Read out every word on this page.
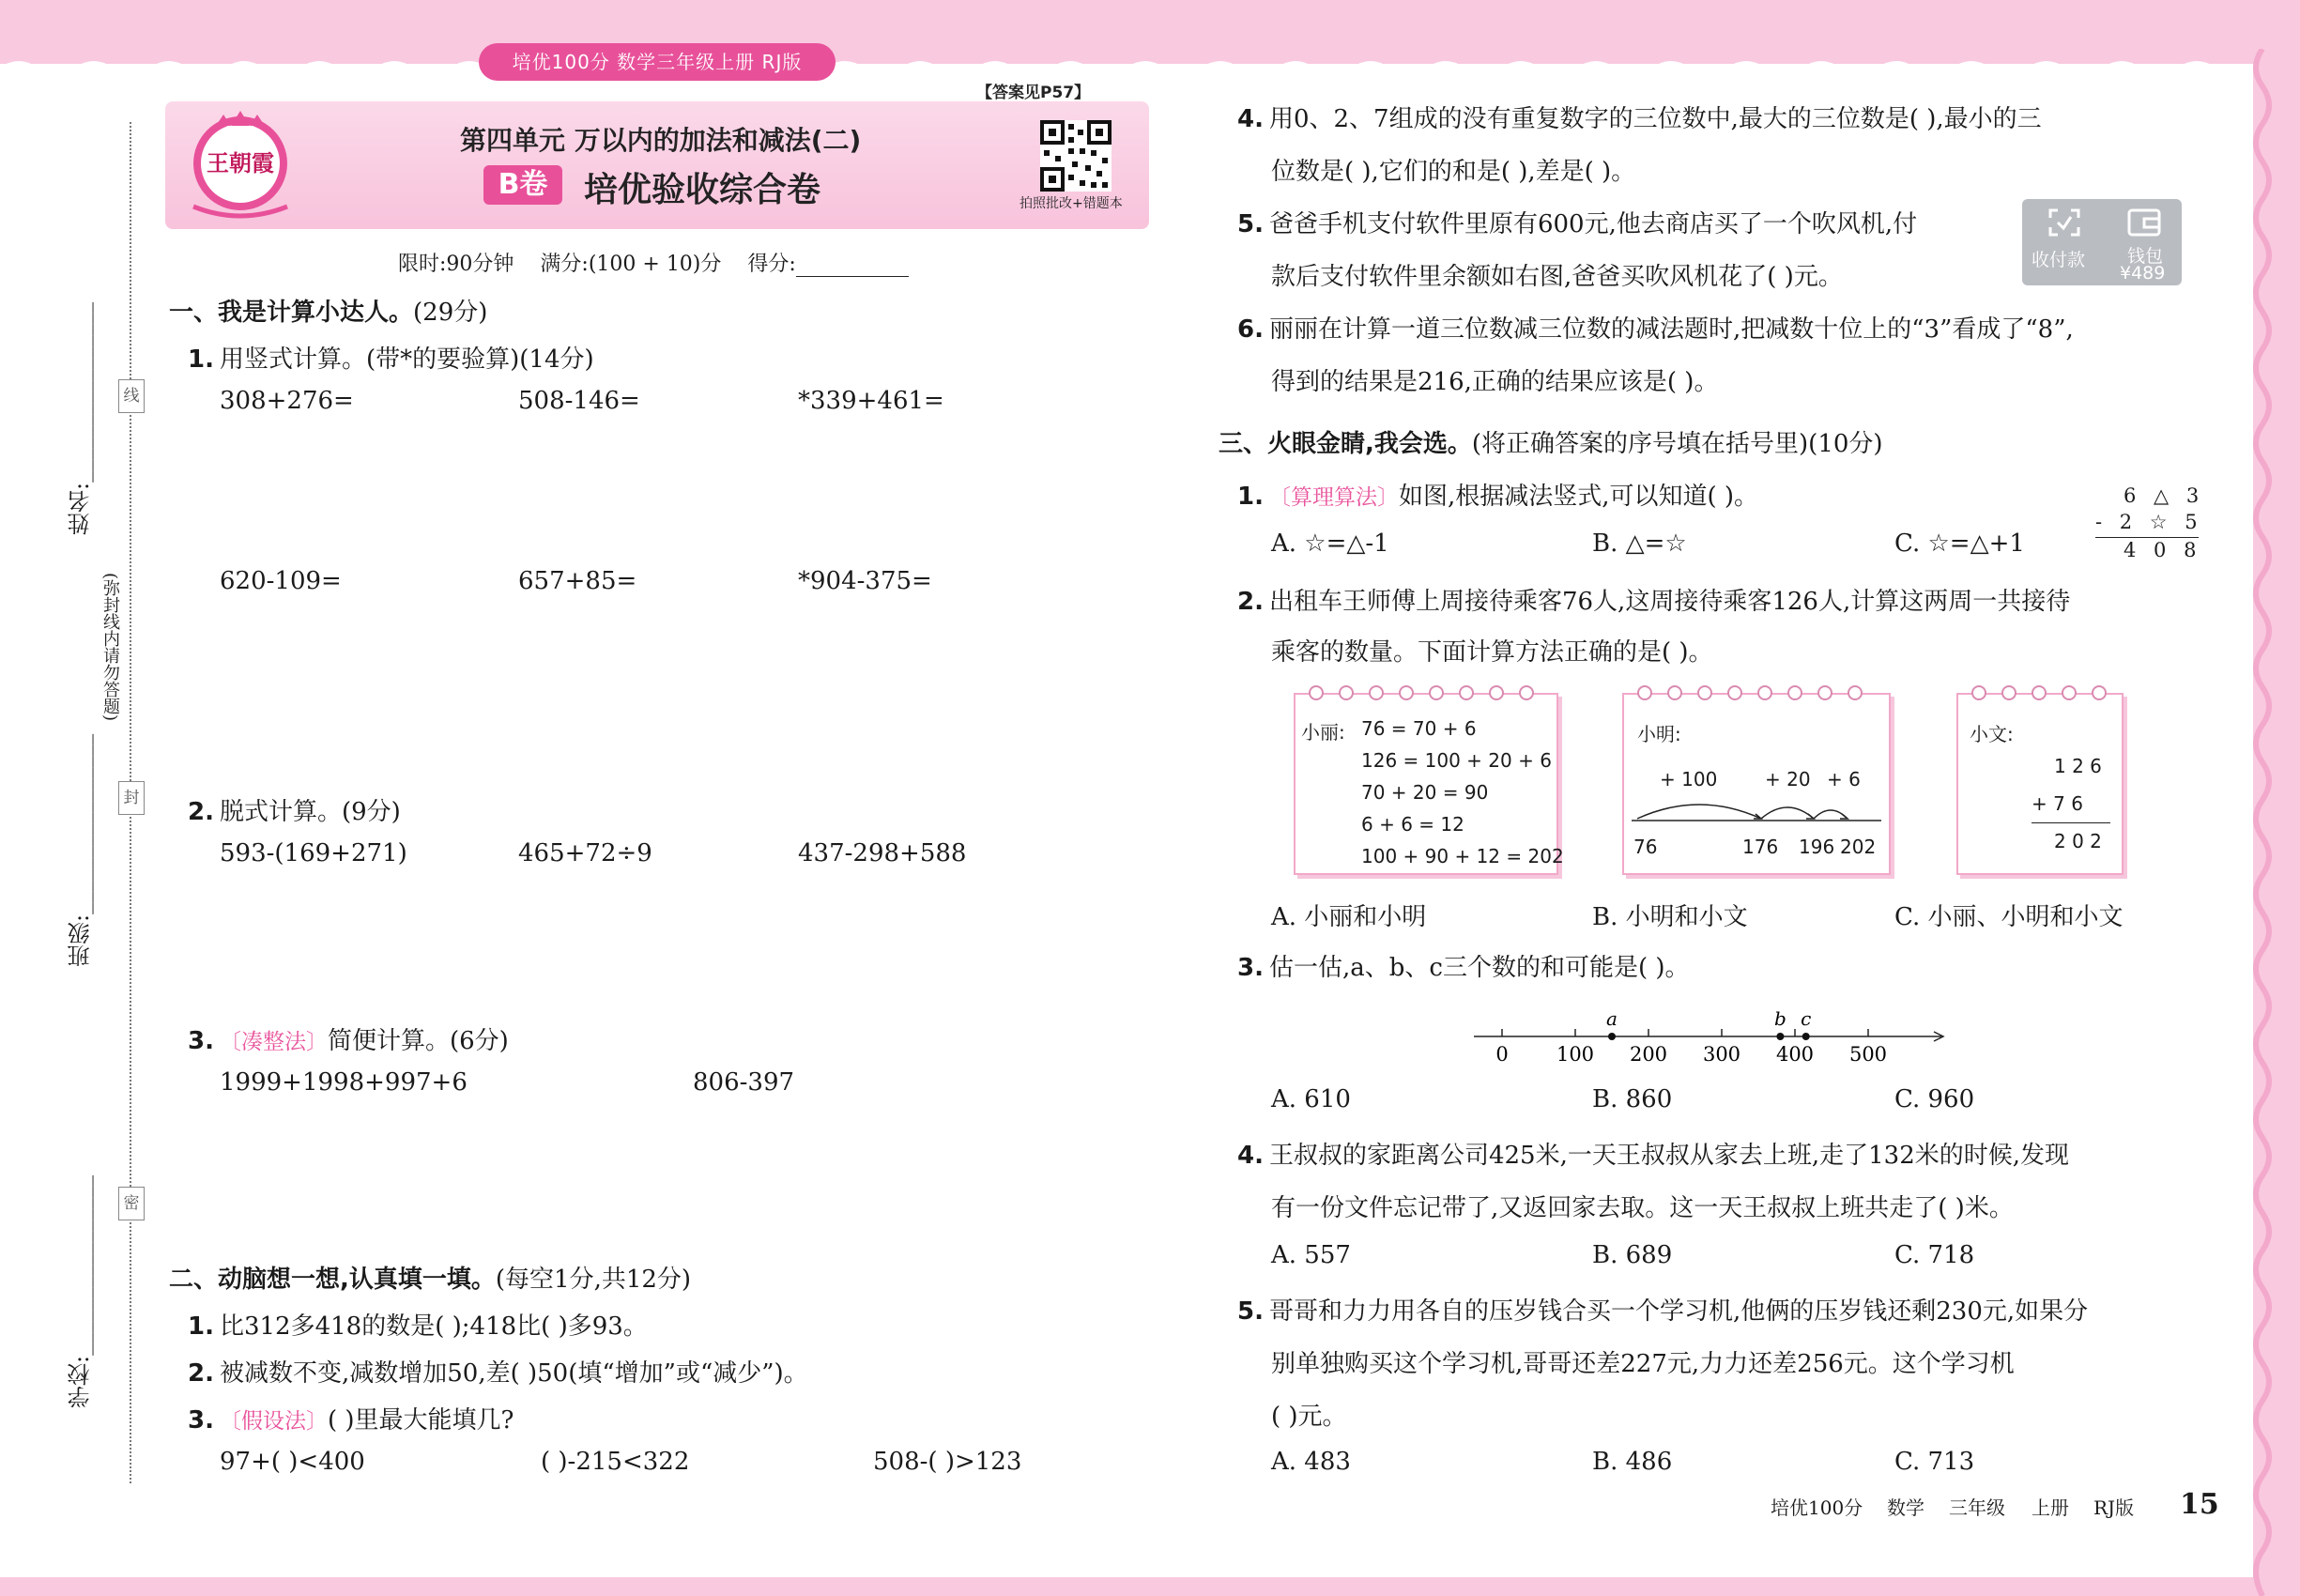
培优100分 数学三年级上册 RJ版
王朝霞
第四单元 万以内的加法和减法(二)
B卷	培优验收综合卷
【答案见P57】
拍照批改+错题本
限时:90分钟 满分:(100 + 10)分 得分:
姓名:________________
班级:________________
学校:________________
(弥封线内请勿答题)
线
封
密
一、我是计算小达人。(29分)
1. 用竖式计算。(带*的要验算)(14分)
308+276=	508-146=	*339+461=
620-109=	657+85=	*904-375=
2. 脱式计算。(9分)
593-(169+271)	465+72÷9	437-298+588
3. 〔凑整法〕简便计算。(6分)
1999+1998+997+6	806-397
二、动脑想一想,认真填一填。(每空1分,共12分)
1. 比312多418的数是( );418比( )多93。
2. 被减数不变,减数增加50,差( )50(填“增加”或“减少”)。
3. 〔假设法〕( )里最大能填几?
97+( )<400	( )-215<322	508-( )>123
4. 用0、2、7组成的没有重复数字的三位数中,最大的三位数是( ),最小的三
位数是( ),它们的和是( ),差是( )。
5. 爸爸手机支付软件里原有600元,他去商店买了一个吹风机,付
款后支付软件里余额如右图,爸爸买吹风机花了( )元。
收付款 钱包
¥489
6. 丽丽在计算一道三位数减三位数的减法题时,把减数十位上的“3”看成了“8”,
得到的结果是216,正确的结果应该是( )。
三、火眼金睛,我会选。(将正确答案的序号填在括号里)(10分)
1. 〔算理算法〕如图,根据减法竖式,可以知道( )。
A. ☆=△-1	B. △=☆	C. ☆=△+1
6 △ 3
- 2 ☆ 5
4 0 8
2. 出租车王师傅上周接待乘客76人,这周接待乘客126人,计算这两周一共接待
乘客的数量。下面计算方法正确的是( )。
小丽: 76 = 70 + 6
126 = 100 + 20 + 6
70 + 20 = 90
6 + 6 = 12
100 + 90 + 12 = 202
小明:
+ 100	+ 20 + 6
76	176 196 202
小文:
1 2 6
+ 7 6
2 0 2
A. 小丽和小明	B. 小明和小文	C. 小丽、小明和小文
3. 估一估,a、b、c三个数的和可能是( )。
0 100 200 300 400 500
a	b c
A. 610	B. 860	C. 960
4. 王叔叔的家距离公司425米,一天王叔叔从家去上班,走了132米的时候,发现
有一份文件忘记带了,又返回家去取。这一天王叔叔上班共走了( )米。
A. 557	B. 689	C. 718
5. 哥哥和力力用各自的压岁钱合买一个学习机,他俩的压岁钱还剩230元,如果分
别单独购买这个学习机,哥哥还差227元,力力还差256元。这个学习机
( )元。
A. 483	B. 486	C. 713
培优100分 数学 三年级 上册 RJ版 15
